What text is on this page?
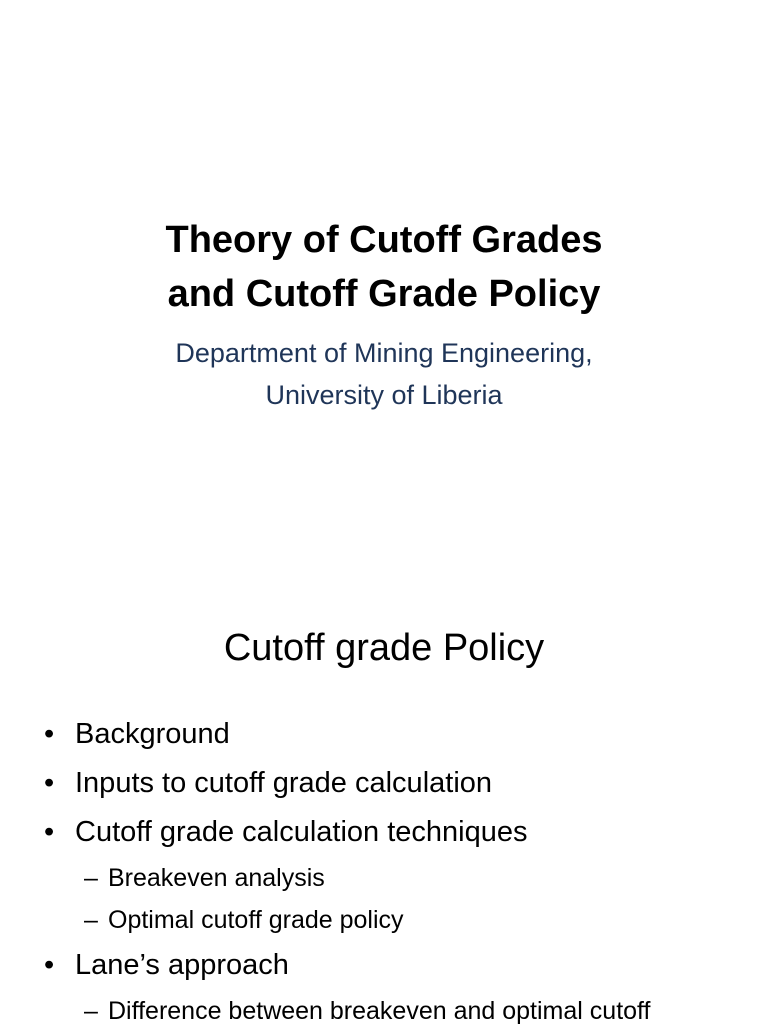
Theory of Cutoff Grades
and Cutoff Grade Policy
Department of Mining Engineering,
University of Liberia
Cutoff grade Policy
• Background
• Inputs to cutoff grade calculation
• Cutoff grade calculation techniques
– Breakeven analysis
– Optimal cutoff grade policy
• Lane’s approach
– Difference between breakeven and optimal cutoff
